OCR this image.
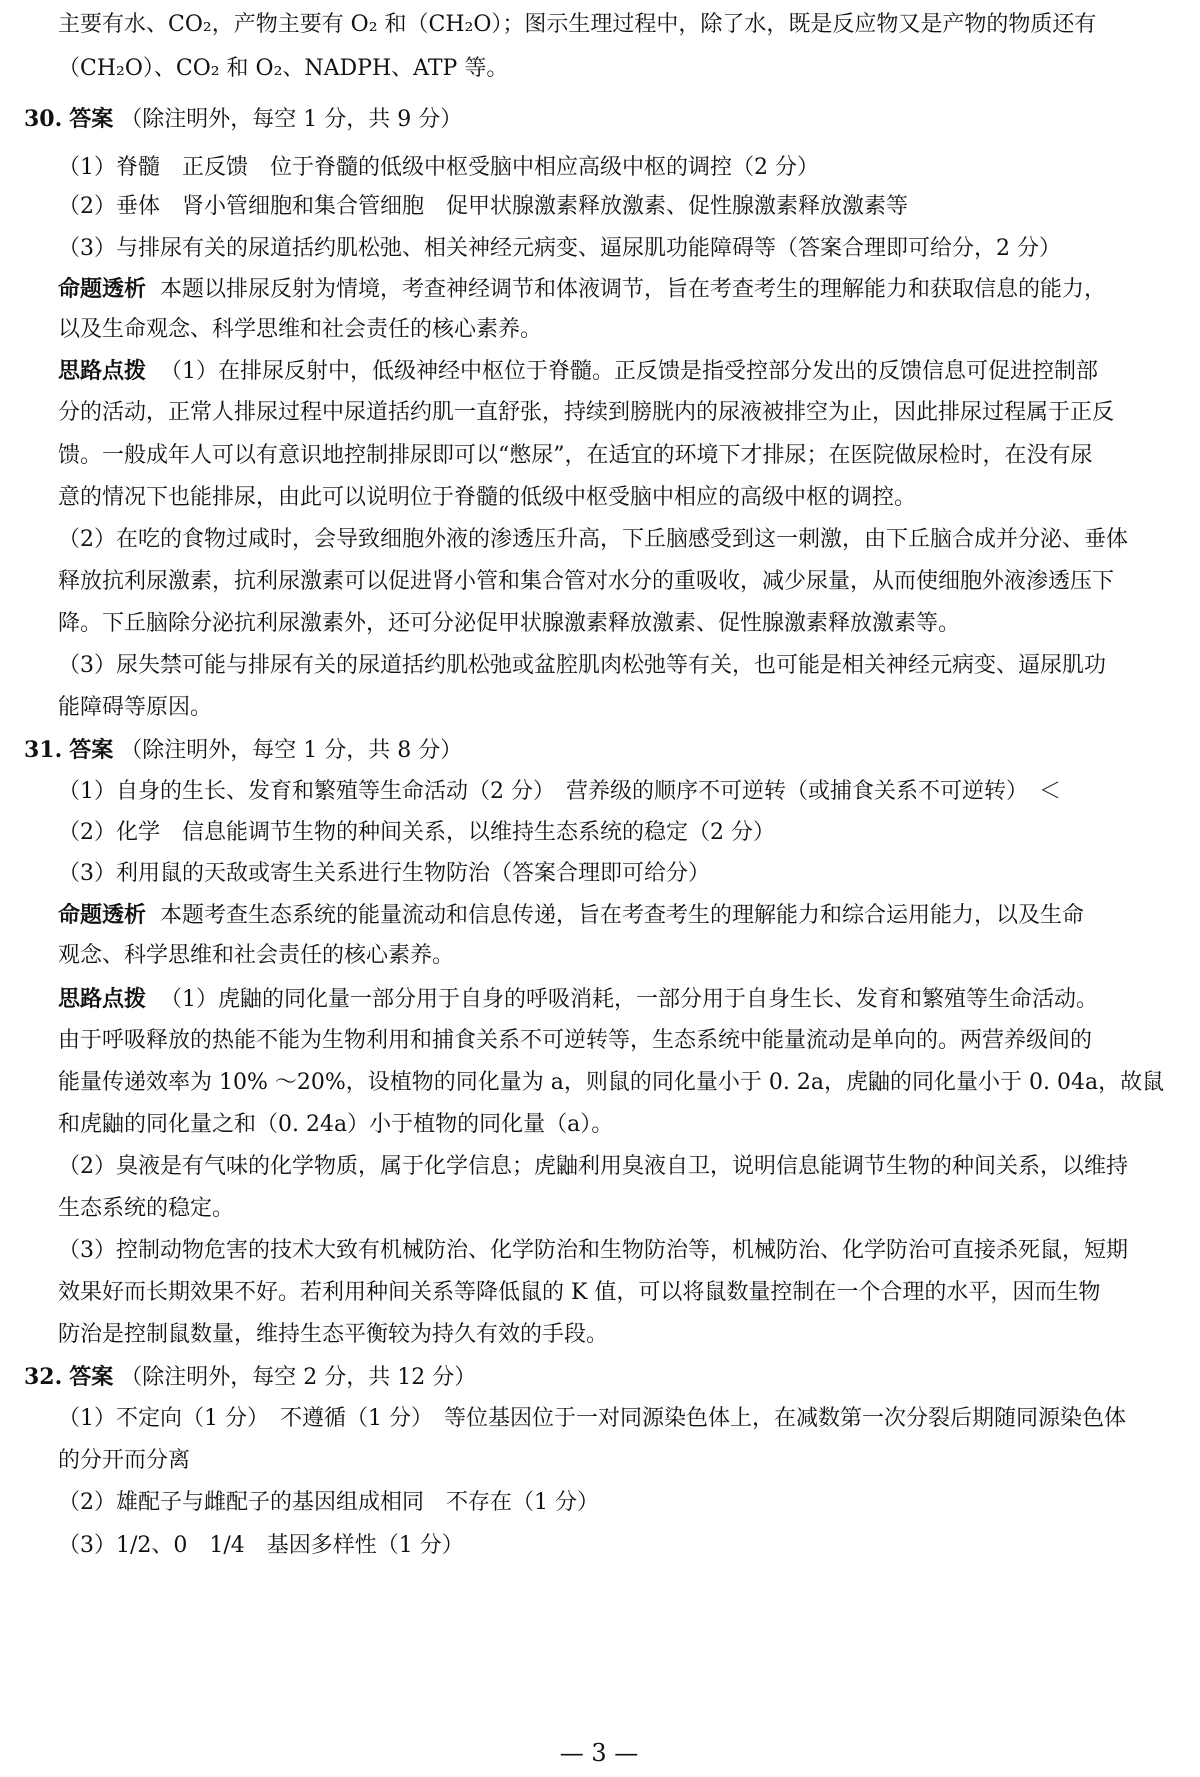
主要有水、CO₂，产物主要有 O₂ 和（CH₂O）；图示生理过程中，除了水，既是反应物又是产物的物质还有
（CH₂O）、CO₂ 和 O₂、NADPH、ATP 等。
30. 答案 （除注明外，每空 1 分，共 9 分）
（1）脊髓　正反馈　位于脊髓的低级中枢受脑中相应高级中枢的调控（2 分）
（2）垂体　肾小管细胞和集合管细胞　促甲状腺激素释放激素、促性腺激素释放激素等
（3）与排尿有关的尿道括约肌松弛、相关神经元病变、逼尿肌功能障碍等（答案合理即可给分，2 分）
命题透析 本题以排尿反射为情境，考查神经调节和体液调节，旨在考查考生的理解能力和获取信息的能力，
以及生命观念、科学思维和社会责任的核心素养。
思路点拨 （1）在排尿反射中，低级神经中枢位于脊髓。正反馈是指受控部分发出的反馈信息可促进控制部
分的活动，正常人排尿过程中尿道括约肌一直舒张，持续到膀胱内的尿液被排空为止，因此排尿过程属于正反
馈。一般成年人可以有意识地控制排尿即可以“憋尿”，在适宜的环境下才排尿；在医院做尿检时，在没有尿
意的情况下也能排尿，由此可以说明位于脊髓的低级中枢受脑中相应的高级中枢的调控。
（2）在吃的食物过咸时，会导致细胞外液的渗透压升高，下丘脑感受到这一刺激，由下丘脑合成并分泌、垂体
释放抗利尿激素，抗利尿激素可以促进肾小管和集合管对水分的重吸收，减少尿量，从而使细胞外液渗透压下
降。下丘脑除分泌抗利尿激素外，还可分泌促甲状腺激素释放激素、促性腺激素释放激素等。
（3）尿失禁可能与排尿有关的尿道括约肌松弛或盆腔肌肉松弛等有关，也可能是相关神经元病变、逼尿肌功
能障碍等原因。
31. 答案 （除注明外，每空 1 分，共 8 分）
（1）自身的生长、发育和繁殖等生命活动（2 分）　营养级的顺序不可逆转（或捕食关系不可逆转）　＜
（2）化学　信息能调节生物的种间关系，以维持生态系统的稳定（2 分）
（3）利用鼠的天敌或寄生关系进行生物防治（答案合理即可给分）
命题透析 本题考查生态系统的能量流动和信息传递，旨在考查考生的理解能力和综合运用能力，以及生命
观念、科学思维和社会责任的核心素养。
思路点拨 （1）虎鼬的同化量一部分用于自身的呼吸消耗，一部分用于自身生长、发育和繁殖等生命活动。
由于呼吸释放的热能不能为生物利用和捕食关系不可逆转等，生态系统中能量流动是单向的。两营养级间的
能量传递效率为 10% ～20%，设植物的同化量为 a，则鼠的同化量小于 0. 2a，虎鼬的同化量小于 0. 04a，故鼠
和虎鼬的同化量之和（0. 24a）小于植物的同化量（a）。
（2）臭液是有气味的化学物质，属于化学信息；虎鼬利用臭液自卫，说明信息能调节生物的种间关系，以维持
生态系统的稳定。
（3）控制动物危害的技术大致有机械防治、化学防治和生物防治等，机械防治、化学防治可直接杀死鼠，短期
效果好而长期效果不好。若利用种间关系等降低鼠的 K 值，可以将鼠数量控制在一个合理的水平，因而生物
防治是控制鼠数量，维持生态平衡较为持久有效的手段。
32. 答案 （除注明外，每空 2 分，共 12 分）
（1）不定向（1 分）　不遵循（1 分）　等位基因位于一对同源染色体上，在减数第一次分裂后期随同源染色体
的分开而分离
（2）雄配子与雌配子的基因组成相同　不存在（1 分）
（3）1/2、0　1/4　基因多样性（1 分）
— 3 —
